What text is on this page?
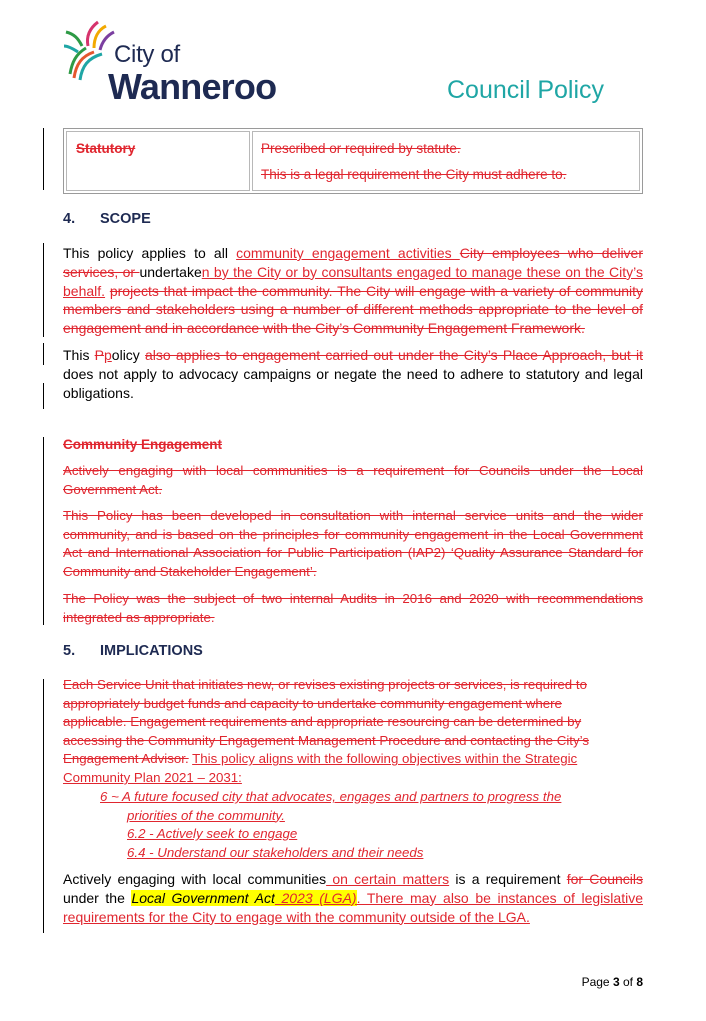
City of
Wanneroo	Council Policy
Statutory	Prescribed or required by statute.
This is a legal requirement the City must adhere to.
4. SCOPE
This policy applies to all community engagement activities City employees who deliver services, or undertaken by the City or by consultants engaged to manage these on the City’s behalf. projects that impact the community. The City will engage with a variety of community members and stakeholders using a number of different methods appropriate to the level of engagement and in accordance with the City’s Community Engagement Framework.
This Ppolicy also applies to engagement carried out under the City’s Place Approach, but it does not apply to advocacy campaigns or negate the need to adhere to statutory and legal obligations.
Community Engagement
Actively engaging with local communities is a requirement for Councils under the Local Government Act.
This Policy has been developed in consultation with internal service units and the wider community, and is based on the principles for community engagement in the Local Government Act and International Association for Public Participation (IAP2) ‘Quality Assurance Standard for Community and Stakeholder Engagement’.
The Policy was the subject of two internal Audits in 2016 and 2020 with recommendations integrated as appropriate.
5. IMPLICATIONS
Each Service Unit that initiates new, or revises existing projects or services, is required to appropriately budget funds and capacity to undertake community engagement where applicable. Engagement requirements and appropriate resourcing can be determined by accessing the Community Engagement Management Procedure and contacting the City’s Engagement Advisor. This policy aligns with the following objectives within the Strategic Community Plan 2021 – 2031:
6 ~ A future focused city that advocates, engages and partners to progress the
priorities of the community.
6.2 - Actively seek to engage
6.4 - Understand our stakeholders and their needs
Actively engaging with local communities on certain matters is a requirement for Councils under the Local Government Act 2023 (LGA). There may also be instances of legislative requirements for the City to engage with the community outside of the LGA.
Page 3 of 8
